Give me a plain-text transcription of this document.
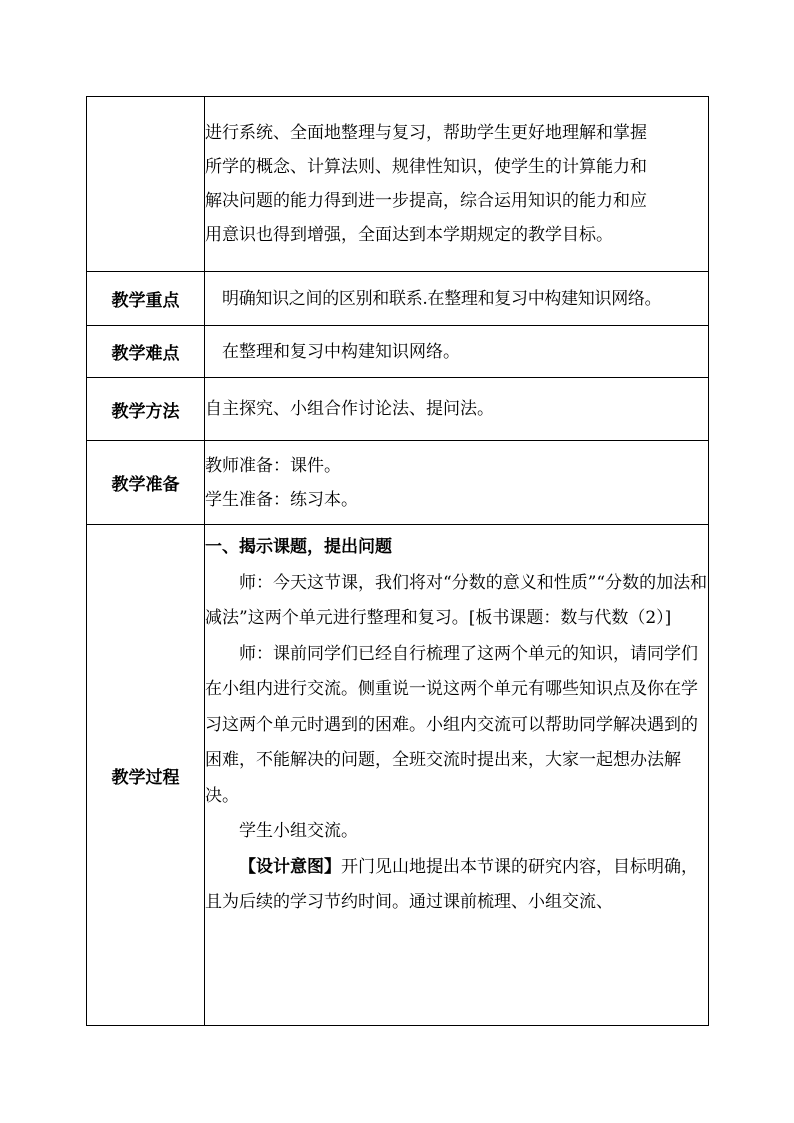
	进行系统、全面地整理与复习，帮助学生更好地理解和掌握

所学的概念、计算法则、规律性知识，使学生的计算能力和

解决问题的能力得到进一步提高，综合运用知识的能力和应

用意识也得到增强，全面达到本学期规定的教学目标。

教学重点	明确知识之间的区别和联系.在整理和复习中构建知识网络。
教学难点	在整理和复习中构建知识网络。
教学方法	自主探究、小组合作讨论法、提问法。
教学准备	教师准备：课件。

学生准备：练习本。

教学过程	一、揭示课题，提出问题

师：今天这节课，我们将对“分数的意义和性质”“分数的加法和减法”这两个单元进行整理和复习。[板书课题：数与代数（2）]

师：课前同学们已经自行梳理了这两个单元的知识，请同学们在小组内进行交流。侧重说一说这两个单元有哪些知识点及你在学习这两个单元时遇到的困难。小组内交流可以帮助同学解决遇到的困难，不能解决的问题，全班交流时提出来，大家一起想办法解决。

学生小组交流。

【设计意图】开门见山地提出本节课的研究内容，目标明确，且为后续的学习节约时间。通过课前梳理、小组交流、
